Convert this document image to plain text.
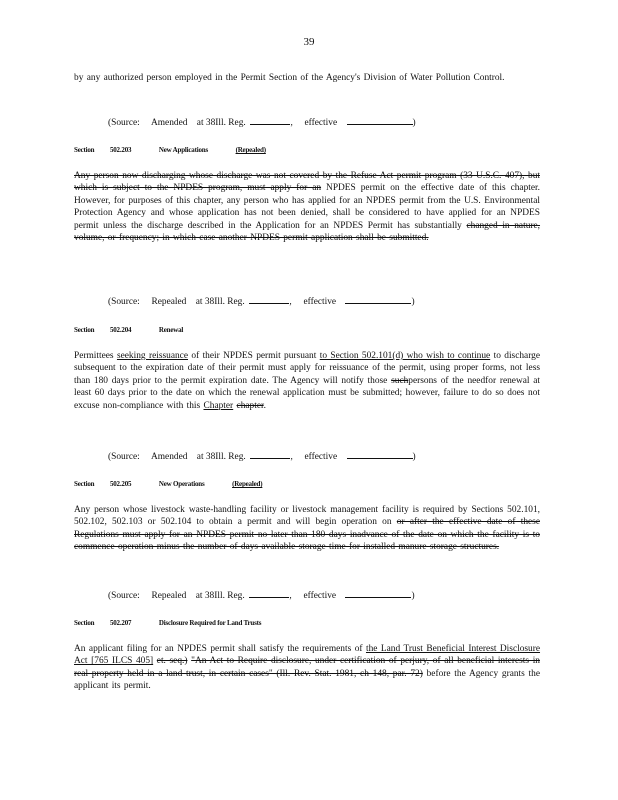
39
by any authorized person employed in the Permit Section of the Agency's Division of Water Pollution Control.
(Source: Amended at 38Ill. Reg.	, effective	)
Section 502.203	New Applications	(Repealed)
Any person now discharging whose discharge was not covered by the Refuse Act permit program (33 U.S.C. 407), but which is subject to the NPDES program, must apply for an NPDES permit on the effective date of this chapter. However, for purposes of this chapter, any person who has applied for an NPDES permit from the U.S. Environmental Protection Agency and whose application has not been denied, shall be considered to have applied for an NPDES permit unless the discharge described in the Application for an NPDES Permit has substantially changed in nature, volume, or frequency; in which case another NPDES permit application shall be submitted.
(Source: Repealed at 38Ill. Reg.	, effective	)
Section 502.204	Renewal
Permittees seeking reissuance of their NPDES permit pursuant to Section 502.101(d) who wish to continue to discharge subsequent to the expiration date of their permit must apply for reissuance of the permit, using proper forms, not less than 180 days prior to the permit expiration date. The Agency will notify those suchpersons of the needfor renewal at least 60 days prior to the date on which the renewal application must be submitted; however, failure to do so does not excuse non-compliance with this Chapter chapter.
(Source: Amended at 38Ill. Reg.	, effective	)
Section 502.205	New Operations	(Repealed)
Any person whose livestock waste-handling facility or livestock management facility is required by Sections 502.101, 502.102, 502.103 or 502.104 to obtain a permit and will begin operation on or after the effective date of these Regulations must apply for an NPDES permit no later than 180 days inadvance of the date on which the facility is to commence operation minus the number of days available storage time for installed manure storage structures.
(Source: Repealed at 38Ill. Reg.	, effective	)
Section 502.207	Disclosure Required for Land Trusts
An applicant filing for an NPDES permit shall satisfy the requirements of the Land Trust Beneficial Interest Disclosure Act [765 ILCS 405] et. seq.) "An Act to Require disclosure, under certification of perjury, of all beneficial interests in real property held in a land trust, in certain cases" (Ill. Rev. Stat. 1981, ch 148, par. 72) before the Agency grants the applicant its permit.
